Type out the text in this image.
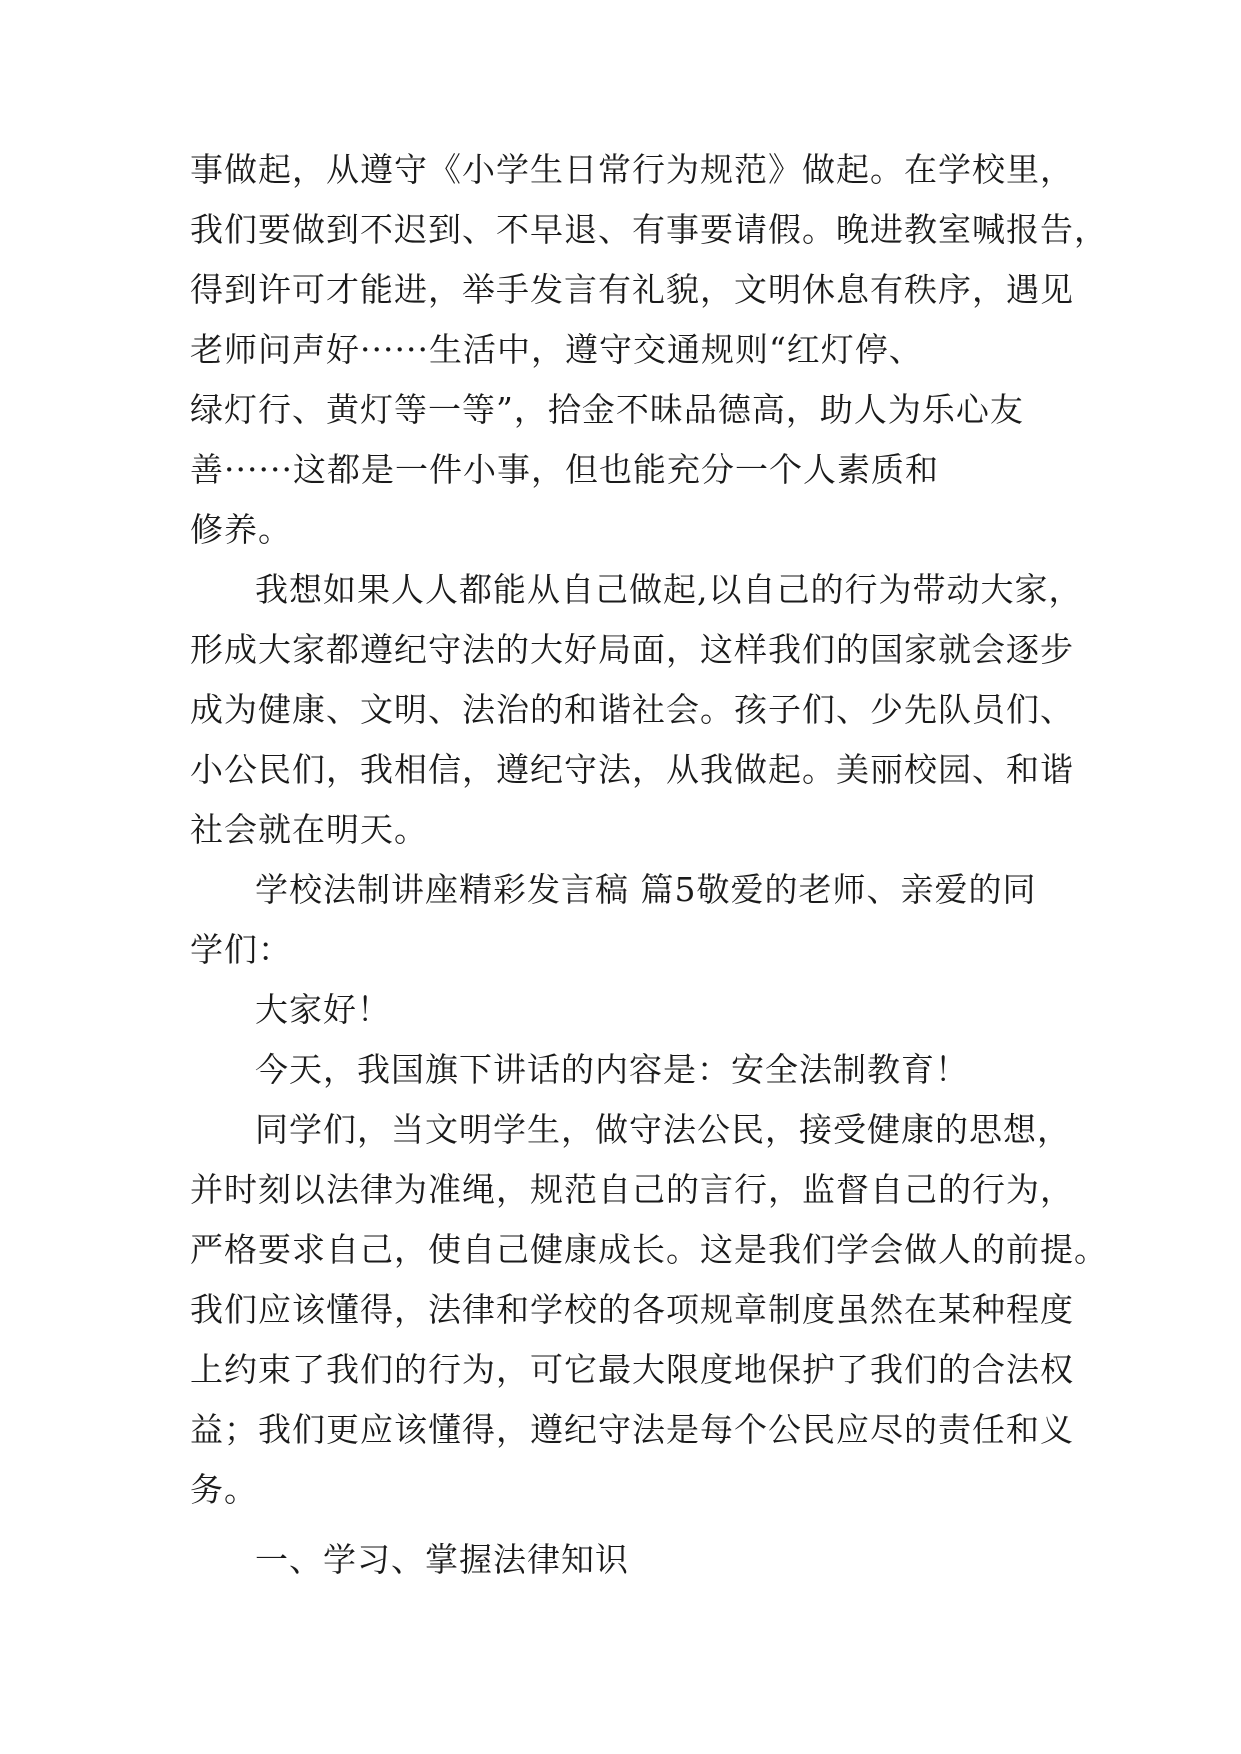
事做起，从遵守《小学生日常行为规范》做起。在学校里，
我们要做到不迟到、不早退、有事要请假。晚进教室喊报告，
得到许可才能进，举手发言有礼貌，文明休息有秩序，遇见
老师问声好······生活中，遵守交通规则“红灯停、
绿灯行、黄灯等一等”，拾金不昧品德高，助人为乐心友
善······这都是一件小事，但也能充分一个人素质和
修养。
我想如果人人都能从自己做起,以自己的行为带动大家，
形成大家都遵纪守法的大好局面，这样我们的国家就会逐步
成为健康、文明、法治的和谐社会。孩子们、少先队员们、
小公民们，我相信，遵纪守法，从我做起。美丽校园、和谐
社会就在明天。
学校法制讲座精彩发言稿 篇5敬爱的老师、亲爱的同
学们：
大家好！
今天，我国旗下讲话的内容是：安全法制教育！
同学们，当文明学生，做守法公民，接受健康的思想，
并时刻以法律为准绳，规范自己的言行，监督自己的行为，
严格要求自己，使自己健康成长。这是我们学会做人的前提。
我们应该懂得，法律和学校的各项规章制度虽然在某种程度
上约束了我们的行为，可它最大限度地保护了我们的合法权
益；我们更应该懂得，遵纪守法是每个公民应尽的责任和义
务。
一、学习、掌握法律知识
